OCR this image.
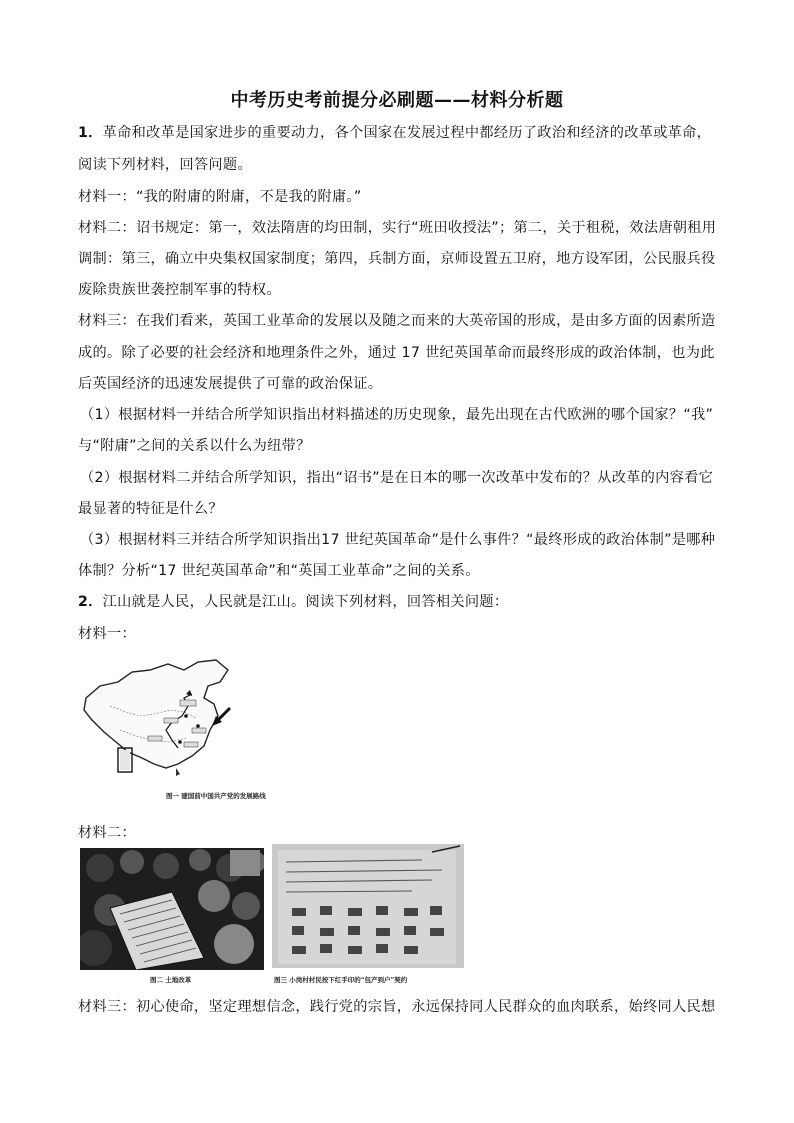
中考历史考前提分必刷题——材料分析题
1．革命和改革是国家进步的重要动力，各个国家在发展过程中都经历了政治和经济的改革或革命，
阅读下列材料，回答问题。
材料一：“我的附庸的附庸，不是我的附庸。”
材料二：诏书规定：第一，效法隋唐的均田制，实行“班田收授法”；第二，关于租税，效法唐朝租用
调制：第三，确立中央集权国家制度；第四，兵制方面，京师设置五卫府，地方设军团，公民服兵役
废除贵族世袭控制军事的特权。
材料三：在我们看来，英国工业革命的发展以及随之而来的大英帝国的形成，是由多方面的因素所造
成的。除了必要的社会经济和地理条件之外，通过 17 世纪英国革命而最终形成的政治体制，也为此
后英国经济的迅速发展提供了可靠的政治保证。
（1）根据材料一并结合所学知识指出材料描述的历史现象，最先出现在古代欧洲的哪个国家？“我”
与“附庸”之间的关系以什么为纽带？
（2）根据材料二并结合所学知识，指出“诏书”是在日本的哪一次改革中发布的？从改革的内容看它
最显著的特征是什么？
（3）根据材料三并结合所学知识指出17 世纪英国革命”是什么事件？“最终形成的政治体制”是哪种
体制？分析“17 世纪英国革命”和“英国工业革命”之间的关系。
2．江山就是人民，人民就是江山。阅读下列材料，回答相关问题：
材料一：
图一 建国前中国共产党的发展路线
材料二：
图二 土地改革	图三 小岗村村民按下红手印的“包产到户”契约
材料三：初心使命，坚定理想信念，践行党的宗旨，永远保持同人民群众的血肉联系，始终同人民想
